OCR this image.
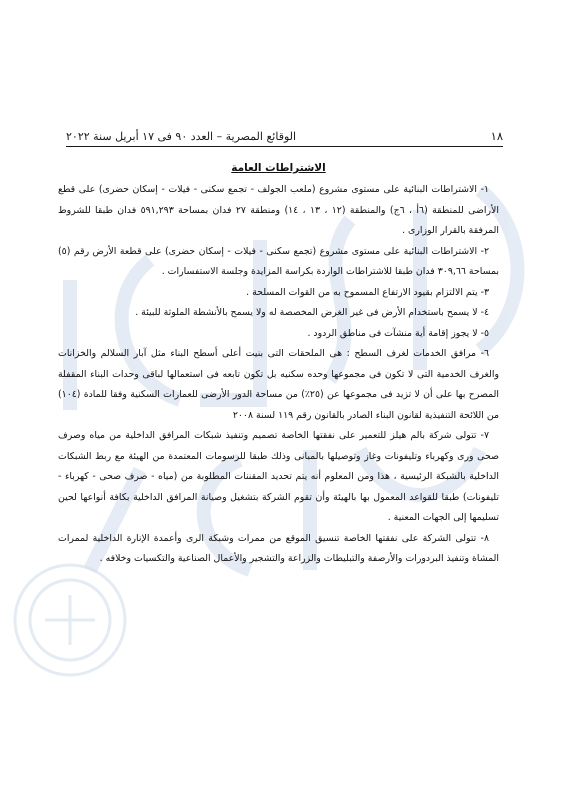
١٨
الوقائع المصرية – العدد ٩٠ فى ١٧ أبريل سنة ٢٠٢٢
الاشتراطات العامة

١- الاشتراطات البنائية على مستوى مشروع (ملعب الجولف - تجمع سكنى - فيلات - إسكان حضرى) على قطع الأراضى للمنطقة (٦أ ، ٦ج) والمنطقة (١٢ ، ١٣ ، ١٤) ومنطقة ٢٧ فدان بمساحة ٥٩١,٢٩٣ فدان طبقا للشروط المرفقة بالقرار الوزارى .

٢- الاشتراطات البنائية على مستوى مشروع (تجمع سكنى - فيلات - إسكان حضرى) على قطعة الأرض رقم (٥) بمساحة ٣٠٩,٦٦ فدان طبقا للاشتراطات الواردة بكراسة المزايدة وجلسة الاستفسارات .

٣- يتم الالتزام بقيود الارتفاع المسموح به من القوات المسلحة .

٤- لا يسمح باستخدام الأرض فى غير الغرض المخصصة له ولا يسمح بالأنشطة الملوثة للبيئة .

٥- لا يجوز إقامة أية منشآت فى مناطق الردود .

٦- مرافق الخدمات لغرف السطح : هى الملحقات التى بنيت أعلى أسطح البناء مثل آبار السلالم والخزانات والغرف الخدمية التى لا تكون فى مجموعها وحده سكنيه بل تكون تابعه فى استعمالها لباقى وحدات البناء المقفلة المصرح بها على أن لا تزيد فى مجموعها عن (٢٥٪) من مساحة الدور الأرضى للعمارات السكنية وفقا للمادة (١٠٤) من اللائحة التنفيذية لقانون البناء الصادر بالقانون رقم ١١٩ لسنة ٢٠٠٨

٧- تتولى شركة بالم هيلز للتعمير على نفقتها الخاصة تصميم وتنفيذ شبكات المرافق الداخلية من مياه وصرف صحى ورى وكهرباء وتليفونات وغاز وتوصيلها بالمبانى وذلك طبقا للرسومات المعتمدة من الهيئة مع ربط الشبكات الداخلية بالشبكة الرئيسية ، هذا ومن المعلوم أنه يتم تحديد المقننات المطلوبة من (مياه - صرف صحى - كهرباء - تليفونات) طبقا للقواعد المعمول بها بالهيئة وأن تقوم الشركة بتشغيل وصيانة المرافق الداخلية بكافة أنواعها لحين تسليمها إلى الجهات المعنية .

٨- تتولى الشركة على نفقتها الخاصة تنسيق الموقع من ممرات وشبكة الرى وأعمدة الإنارة الداخلية لممرات المشاة وتنفيذ البردورات والأرصفة والتبليطات والزراعة والتشجير والأعمال الصناعية والتكسيات وخلافه .
